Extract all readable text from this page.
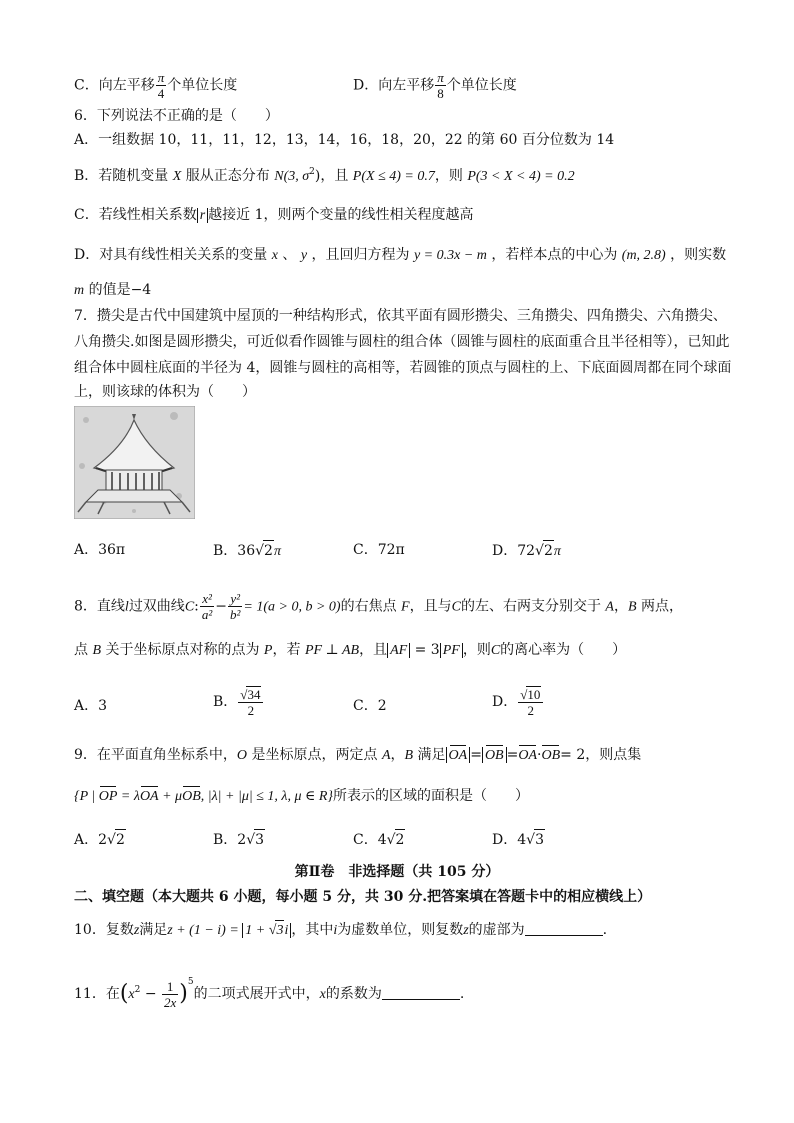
C．向左平移 $\frac{\pi}{4}$ 个单位长度	D．向左平移 $\frac{\pi}{8}$ 个单位长度
6．下列说法不正确的是（　　）
A．一组数据 10，11，11，12，13，14，16，18，20，22 的第 60 百分位数为 14
B．若随机变量 X 服从正态分布 N(3, $\sigma^2$)，且 P(X ≤ 4) = 0.7，则 P(3 < X < 4) = 0.2
C．若线性相关系数 r 越接近 1，则两个变量的线性相关程度越高
D．对具有线性相关关系的变量 x 、 y ，且回归方程为 y = 0.3x − m ，若样本点的中心为 (m, 2.8) ，则实数
m 的值是−4
7．攒尖是古代中国建筑中屋顶的一种结构形式，依其平面有圆形攒尖、三角攒尖、四角攒尖、六角攒尖、
八角攒尖.如图是圆形攒尖，可近似看作圆锥与圆柱的组合体（圆锥与圆柱的底面重合且半径相等），已知此
组合体中圆柱底面的半径为 4，圆锥与圆柱的高相等，若圆锥的顶点与圆柱的上、下底面圆周都在同个球面
上，则该球的体积为（　　）
A．36π	B．36√2π	C．72π	D．72√2π
8．直线l过双曲线C: $\frac{\text{x²}}{\text{a²}} - \frac{\text{y²}}{\text{b²}} = 1(a > 0$, b > 0)的右焦点 F，且与C的左、右两支分别交于 A，B 两点，
点 B 关于坐标原点对称的点为 P，若 PF ⊥ AB，且 AF = 3 PF ，则C的离心率为（　　）
A．3	B． $\frac{√34}{2}$	C．2	D． $\frac{√10}{2}$
9．在平面直角坐标系中，O 是坐标原点，两定点 A，B 满足 OA = OB =OA·OB= 2，则点集
{P | OP = λOA + μOB, |λ| + |μ| ≤ 1, λ, μ ∈ R}所表示的区域的面积是（　　）
A．2√2	B．2√3	C．4√2	D．4√3
第Ⅱ卷　非选择题（共 105 分）
二、填空题（本大题共 6 小题，每小题 5 分，共 30 分.把答案填在答题卡中的相应横线上）
10．复数z满足z + (1 − i) = 1 + √3i ，其中i为虚数单位，则复数z的虚部为	.
11．在$(x^2 - \frac{1}{2x} )^5$的二项式展开式中，x的系数为	.
